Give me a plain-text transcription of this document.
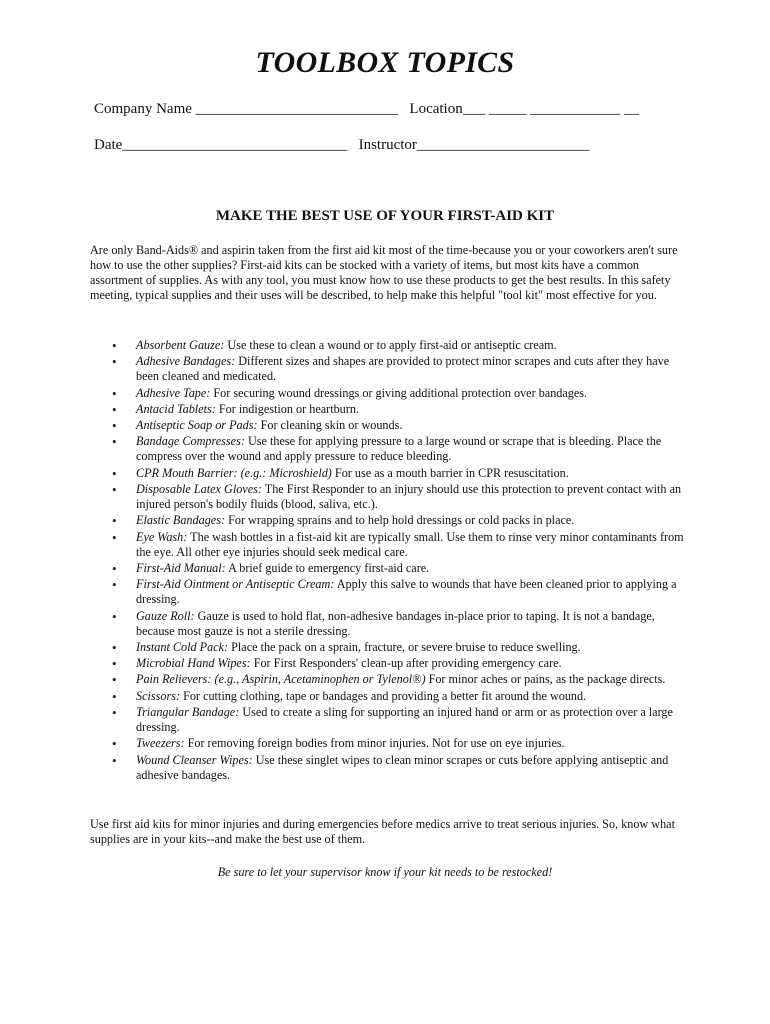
TOOLBOX TOPICS
Company Name ___________________________ Location___ _____ ____________ __
Date______________________________ Instructor_______________________
MAKE THE BEST USE OF YOUR FIRST-AID KIT
Are only Band-Aids® and aspirin taken from the first aid kit most of the time-because you or your coworkers aren't sure how to use the other supplies? First-aid kits can be stocked with a variety of items, but most kits have a common assortment of supplies. As with any tool, you must know how to use these products to get the best results. In this safety meeting, typical supplies and their uses will be described, to help make this helpful "tool kit" most effective for you.
• Absorbent Gauze: Use these to clean a wound or to apply first-aid or antiseptic cream.
• Adhesive Bandages: Different sizes and shapes are provided to protect minor scrapes and cuts after they have been cleaned and medicated.
• Adhesive Tape: For securing wound dressings or giving additional protection over bandages.
• Antacid Tablets: For indigestion or heartburn.
• Antiseptic Soap or Pads: For cleaning skin or wounds.
• Bandage Compresses: Use these for applying pressure to a large wound or scrape that is bleeding. Place the compress over the wound and apply pressure to reduce bleeding.
• CPR Mouth Barrier: (e.g.: Microshield) For use as a mouth barrier in CPR resuscitation.
• Disposable Latex Gloves: The First Responder to an injury should use this protection to prevent contact with an injured person's bodily fluids (blood, saliva, etc.).
• Elastic Bandages: For wrapping sprains and to help hold dressings or cold packs in place.
• Eye Wash: The wash bottles in a fist-aid kit are typically small. Use them to rinse very minor contaminants from the eye. All other eye injuries should seek medical care.
• First-Aid Manual: A brief guide to emergency first-aid care.
• First-Aid Ointment or Antiseptic Cream: Apply this salve to wounds that have been cleaned prior to applying a dressing.
• Gauze Roll: Gauze is used to hold flat, non-adhesive bandages in-place prior to taping. It is not a bandage, because most gauze is not a sterile dressing.
• Instant Cold Pack: Place the pack on a sprain, fracture, or severe bruise to reduce swelling.
• Microbial Hand Wipes: For First Responders' clean-up after providing emergency care.
• Pain Relievers: (e.g., Aspirin, Acetaminophen or Tylenol®) For minor aches or pains, as the package directs.
• Scissors: For cutting clothing, tape or bandages and providing a better fit around the wound.
• Triangular Bandage: Used to create a sling for supporting an injured hand or arm or as protection over a large dressing.
• Tweezers: For removing foreign bodies from minor injuries. Not for use on eye injuries.
• Wound Cleanser Wipes: Use these singlet wipes to clean minor scrapes or cuts before applying antiseptic and adhesive bandages.
Use first aid kits for minor injuries and during emergencies before medics arrive to treat serious injuries. So, know what supplies are in your kits--and make the best use of them.
Be sure to let your supervisor know if your kit needs to be restocked!
